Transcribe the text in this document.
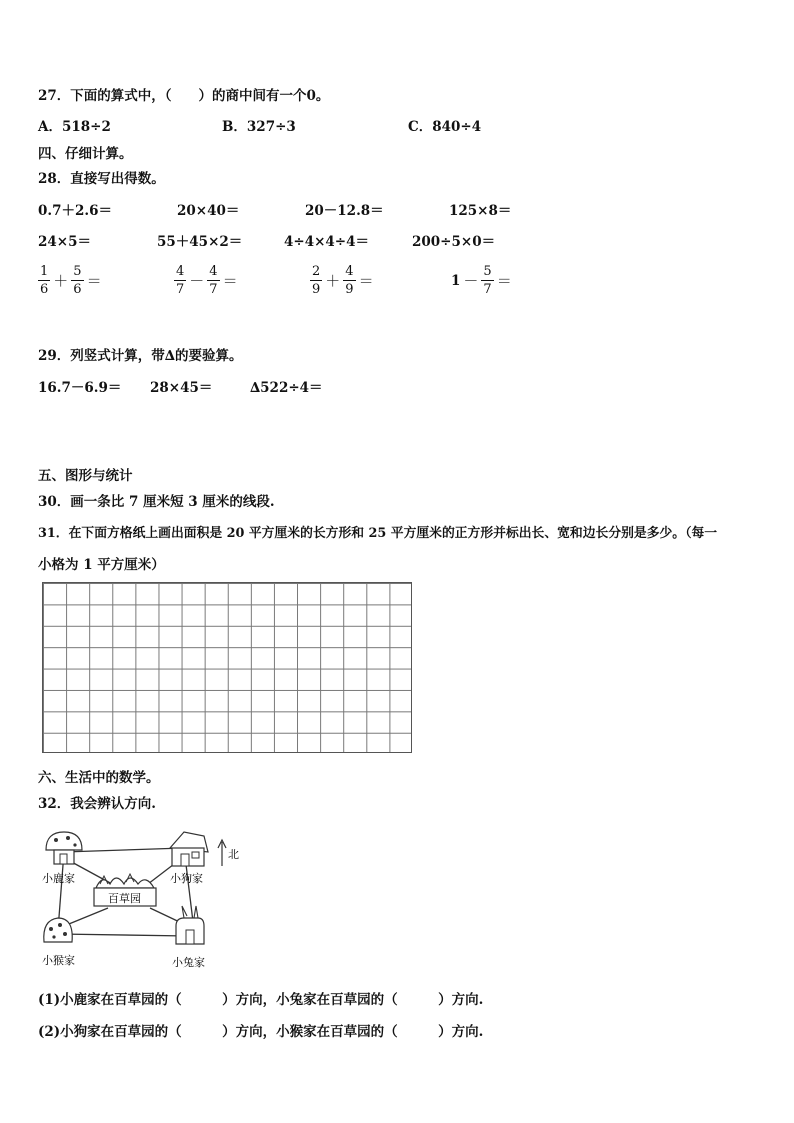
27．下面的算式中，（　　）的商中间有一个0。
A．518÷2	B．327÷3	C．840÷4
四、仔细计算。
28．直接写出得数。
0.7＋2.6＝	20×40＝	20－12.8＝	125×8＝
24×5＝	55＋45×2＝	4÷4×4÷4＝	200÷5×0＝
$\frac{1}{6} + \frac{5}{6}$ ＝	$\frac{4}{7} - \frac{4}{7}$ ＝	$\frac{2}{9} + \frac{4}{9}$ ＝	$1 - \frac{5}{7}$ ＝
29．列竖式计算，带∆的要验算。
16.7－6.9＝ 28×45＝	∆522÷4＝
五、图形与统计
30．画一条比 7 厘米短 3 厘米的线段.
31．在下面方格纸上画出面积是 20 平方厘米的长方形和 25 平方厘米的正方形并标出长、宽和边长分别是多少。（每一
小格为 1 平方厘米）
六、生活中的数学。
32．我会辨认方向.
小鹿家	小狗家
百草园
小猴家	小兔家
北
(1)小鹿家在百草园的（　　　）方向，小兔家在百草园的（　　　）方向.
(2)小狗家在百草园的（　　　）方向，小猴家在百草园的（　　　）方向.
